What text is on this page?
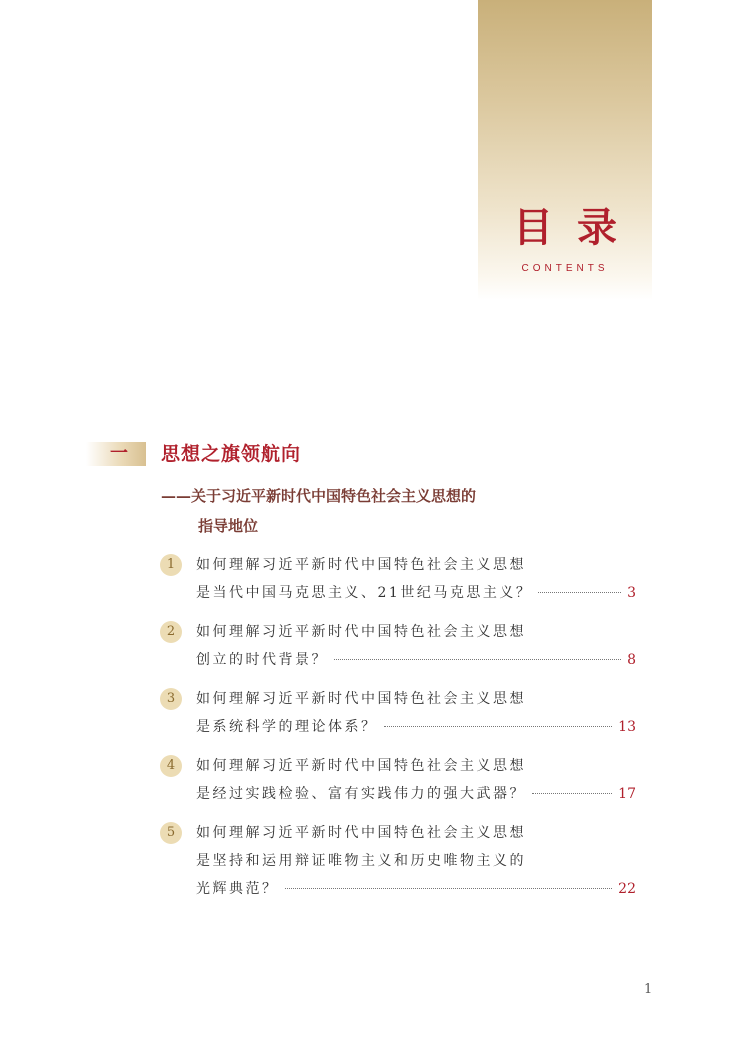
目录
CONTENTS
一 思想之旗领航向
——关于习近平新时代中国特色社会主义思想的
指导地位
1	如何理解习近平新时代中国特色社会主义思想
是当代中国马克思主义、21世纪马克思主义？	3
2	如何理解习近平新时代中国特色社会主义思想
创立的时代背景？	8
3	如何理解习近平新时代中国特色社会主义思想
是系统科学的理论体系？	13
4	如何理解习近平新时代中国特色社会主义思想
是经过实践检验、富有实践伟力的强大武器？	17
5	如何理解习近平新时代中国特色社会主义思想
是坚持和运用辩证唯物主义和历史唯物主义的
光辉典范？	22
1
